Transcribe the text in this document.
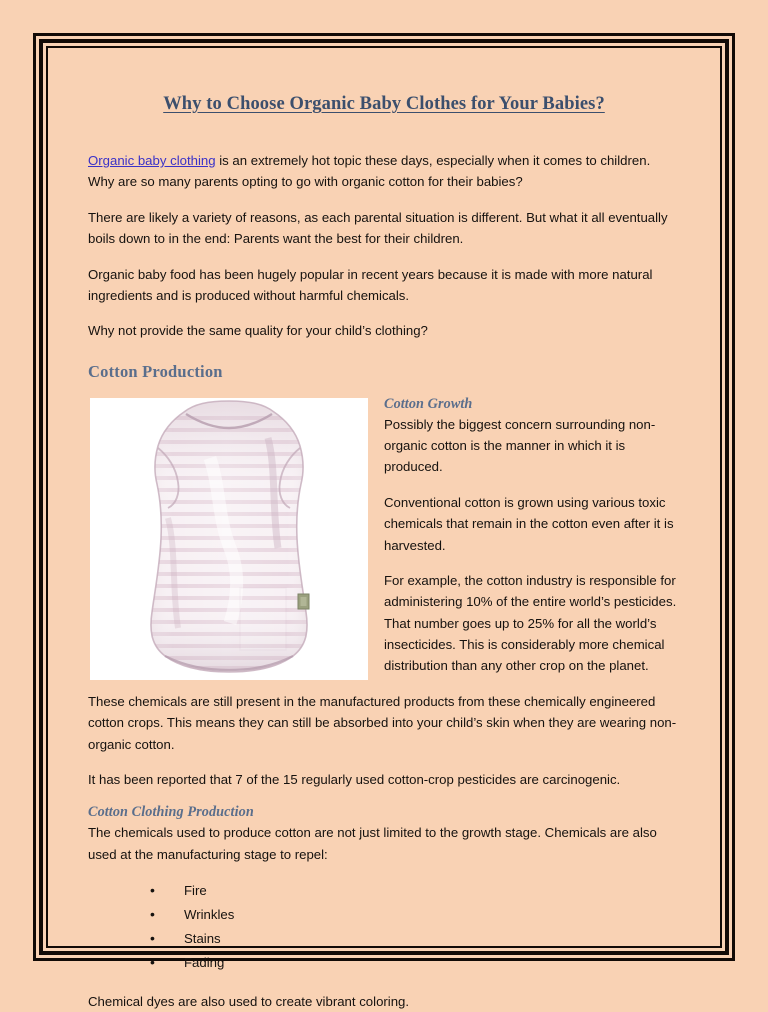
Why to Choose Organic Baby Clothes for Your Babies?

Organic baby clothing is an extremely hot topic these days, especially when it comes to children. Why are so many parents opting to go with organic cotton for their babies?

There are likely a variety of reasons, as each parental situation is different. But what it all eventually boils down to in the end: Parents want the best for their children.

Organic baby food has been hugely popular in recent years because it is made with more natural ingredients and is produced without harmful chemicals.

Why not provide the same quality for your child’s clothing?

Cotton Production
Cotton Growth

Possibly the biggest concern surrounding non-organic cotton is the manner in which it is produced.

Conventional cotton is grown using various toxic chemicals that remain in the cotton even after it is harvested.

For example, the cotton industry is responsible for administering 10% of the entire world’s pesticides. That number goes up to 25% for all the world’s insecticides. This is considerably more chemical distribution than any other crop on the planet.

These chemicals are still present in the manufactured products from these chemically engineered cotton crops. This means they can still be absorbed into your child’s skin when they are wearing non-organic cotton.

It has been reported that 7 of the 15 regularly used cotton-crop pesticides are carcinogenic.

Cotton Clothing Production

The chemicals used to produce cotton are not just limited to the growth stage. Chemicals are also used at the manufacturing stage to repel:

• Fire
• Wrinkles
• Stains
• Fading

Chemical dyes are also used to create vibrant coloring.
